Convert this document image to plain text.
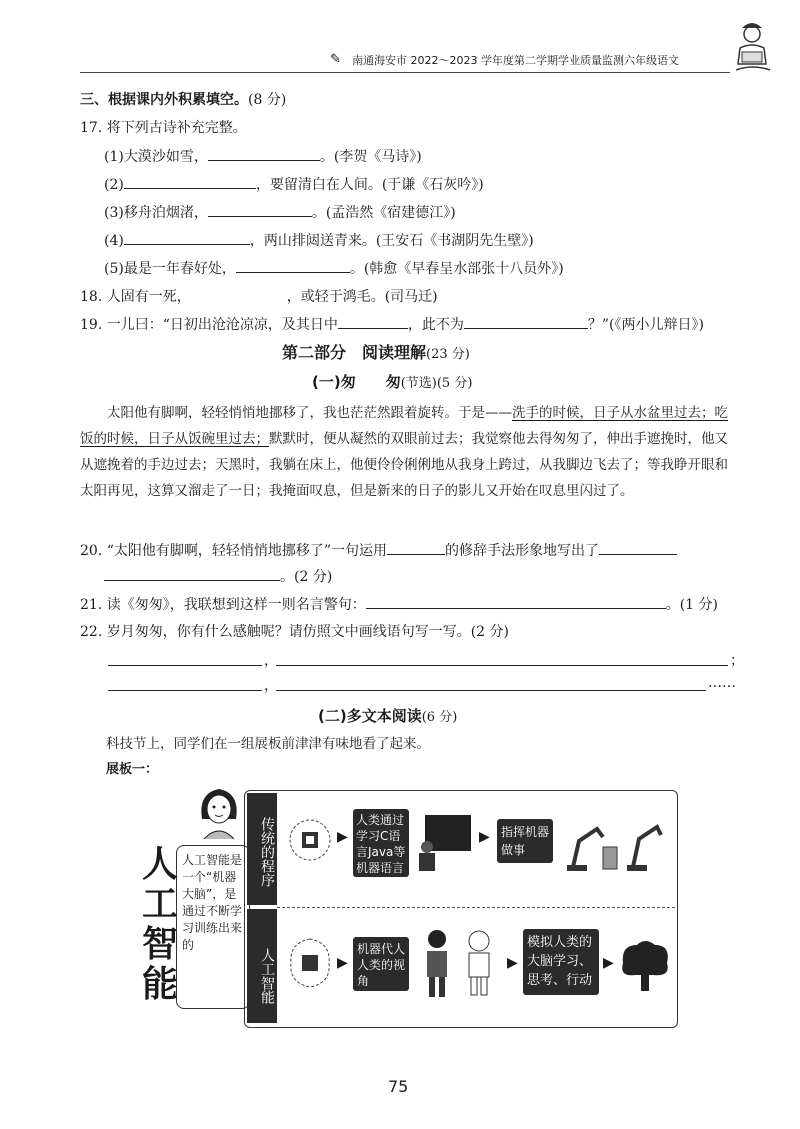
✎ 南通海安市 2022～2023 学年度第二学期学业质量监测六年级语文
三、根据课内外积累填空。(8 分)
17. 将下列古诗补充完整。
(1)大漠沙如雪，	。(李贺《马诗》)
(2)	，要留清白在人间。(于谦《石灰吟》)
(3)移舟泊烟渚，	。(孟浩然《宿建德江》)
(4)	，两山排闼送青来。(王安石《书湖阴先生壁》)
(5)最是一年春好处，	。(韩愈《早春呈水部张十八员外》)
18. 人固有一死，	，或轻于鸿毛。(司马迁)
19. 一儿曰：“日初出沧沧凉凉，及其日中	，此不为	？”(《两小儿辩日》)
第二部分　阅读理解(23 分)
(一)匆　　匆(节选)(5 分)
太阳他有脚啊，轻轻悄悄地挪移了，我也茫茫然跟着旋转。于是——洗手的时候，日子从水盆里过去；吃饭的时候，日子从饭碗里过去；默默时，便从凝然的双眼前过去；我觉察他去得匆匆了，伸出手遮挽时，他又从遮挽着的手边过去；天黑时，我躺在床上，他便伶伶俐俐地从我身上跨过，从我脚边飞去了；等我睁开眼和太阳再见，这算又溜走了一日；我掩面叹息，但是新来的日子的影儿又开始在叹息里闪过了。
20. “太阳他有脚啊，轻轻悄悄地挪移了”一句运用	的修辞手法形象地写出了
。(2 分)
21. 读《匆匆》，我联想到这样一则名言警句：	。(1 分)
22. 岁月匆匆，你有什么感触呢？请仿照文中画线语句写一写。(2 分)
，	；
，	……
(二)多文本阅读(6 分)
科技节上，同学们在一组展板前津津有味地看了起来。
展板一：
人
工
智
能
人工智能是一个“机器大脑”，是通过不断学习训练出来的
传统的程序
人工智能
▶
人类通过学习C语言Java等机器语言
▶ 指挥机器做事
▶
机器代人人类的视角
▶
模拟人类的大脑学习、思考、行动
▶
75
